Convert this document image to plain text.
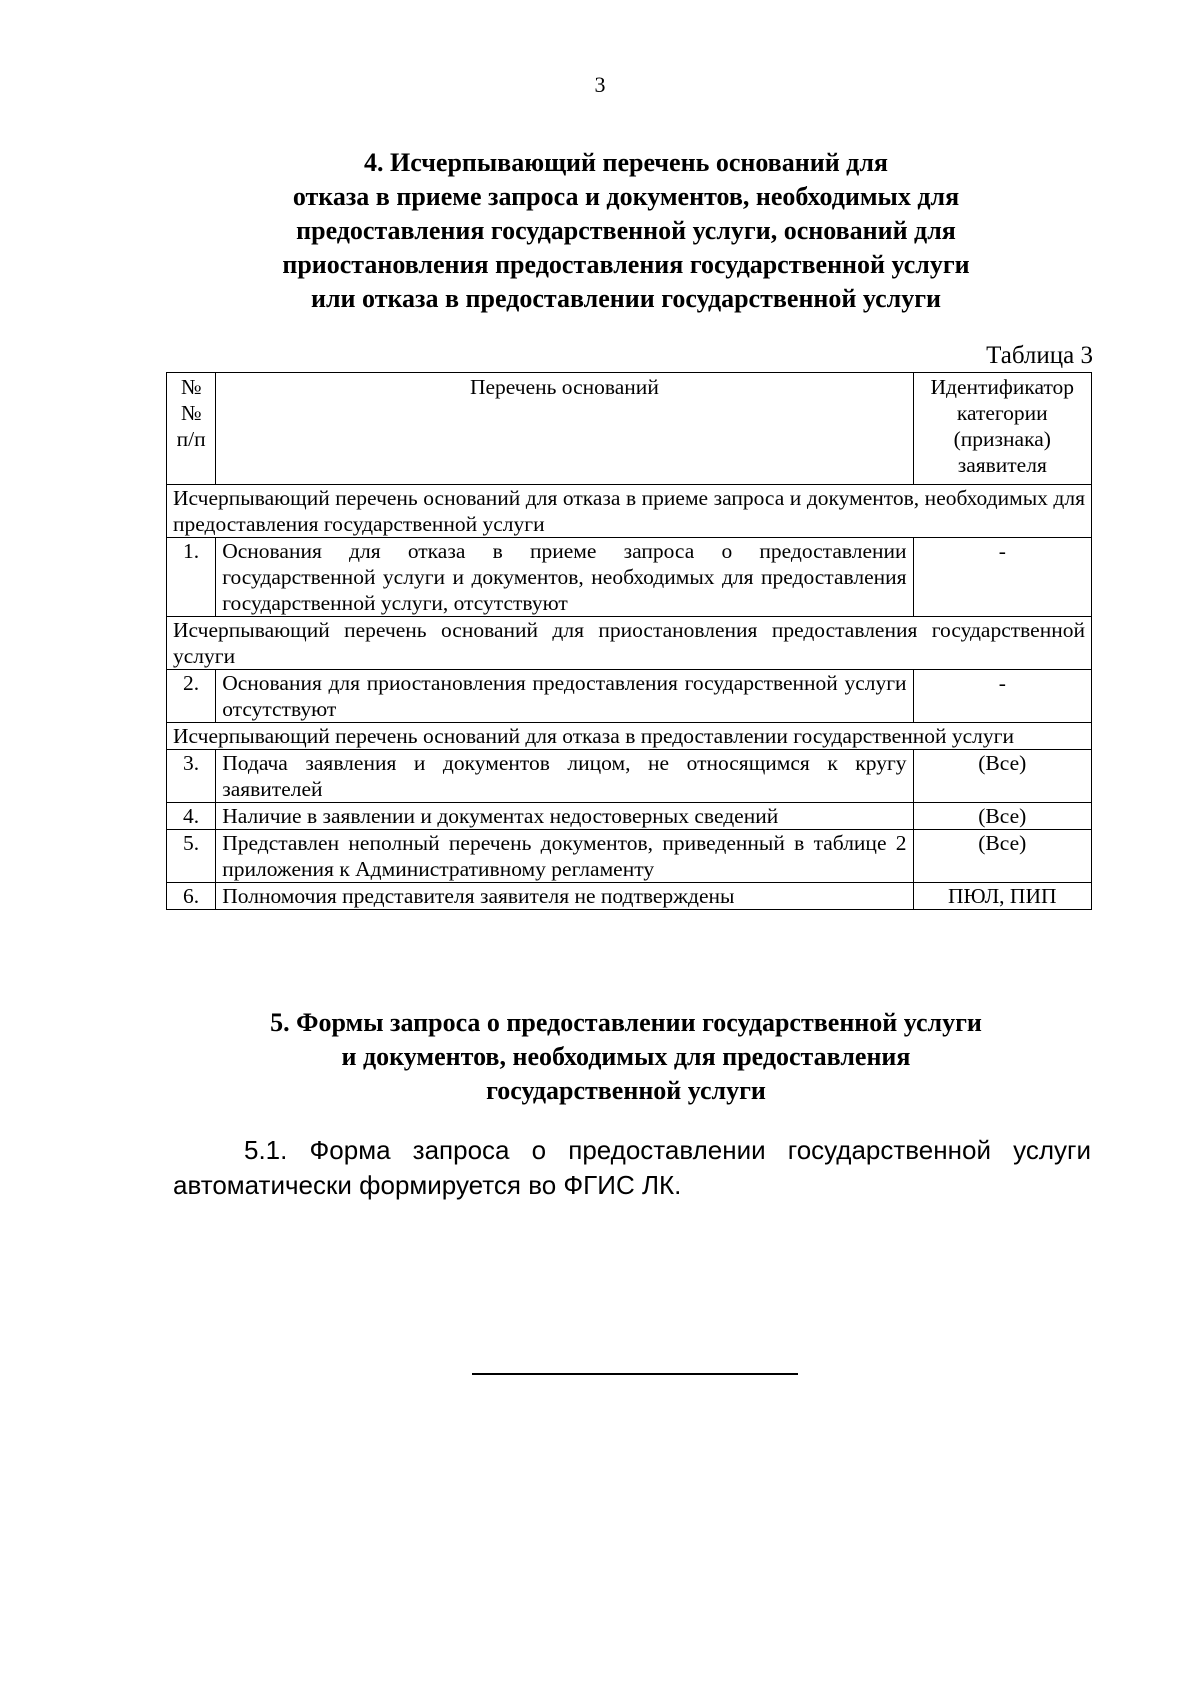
3
4. Исчерпывающий перечень оснований для
отказа в приеме запроса и документов, необходимых для
предоставления государственной услуги, оснований для
приостановления предоставления государственной услуги
или отказа в предоставлении государственной услуги
Таблица 3
№№ п/п	Перечень оснований	Идентификатор категории (признака) заявителя
Исчерпывающий перечень оснований для отказа в приеме запроса и документов, необходимых для предоставления государственной услуги		
1.	Основания для отказа в приеме запроса о предоставлении государственной услуги и документов, необходимых для предоставления государственной услуги, отсутствуют	-
Исчерпывающий перечень оснований для приостановления предоставления государственной услуги		
2.	Основания для приостановления предоставления государственной услуги отсутствуют	-
Исчерпывающий перечень оснований для отказа в предоставлении государственной услуги		
3.	Подача заявления и документов лицом, не относящимся к кругу заявителей	(Все)
4.	Наличие в заявлении и документах недостоверных сведений	(Все)
5.	Представлен неполный перечень документов, приведенный в таблице 2 приложения к Административному регламенту	(Все)
6.	Полномочия представителя заявителя не подтверждены	ПЮЛ, ПИП
5. Формы запроса о предоставлении государственной услуги
и документов, необходимых для предоставления
государственной услуги
5.1. Форма запроса о предоставлении государственной услуги автоматически формируется во ФГИС ЛК.
